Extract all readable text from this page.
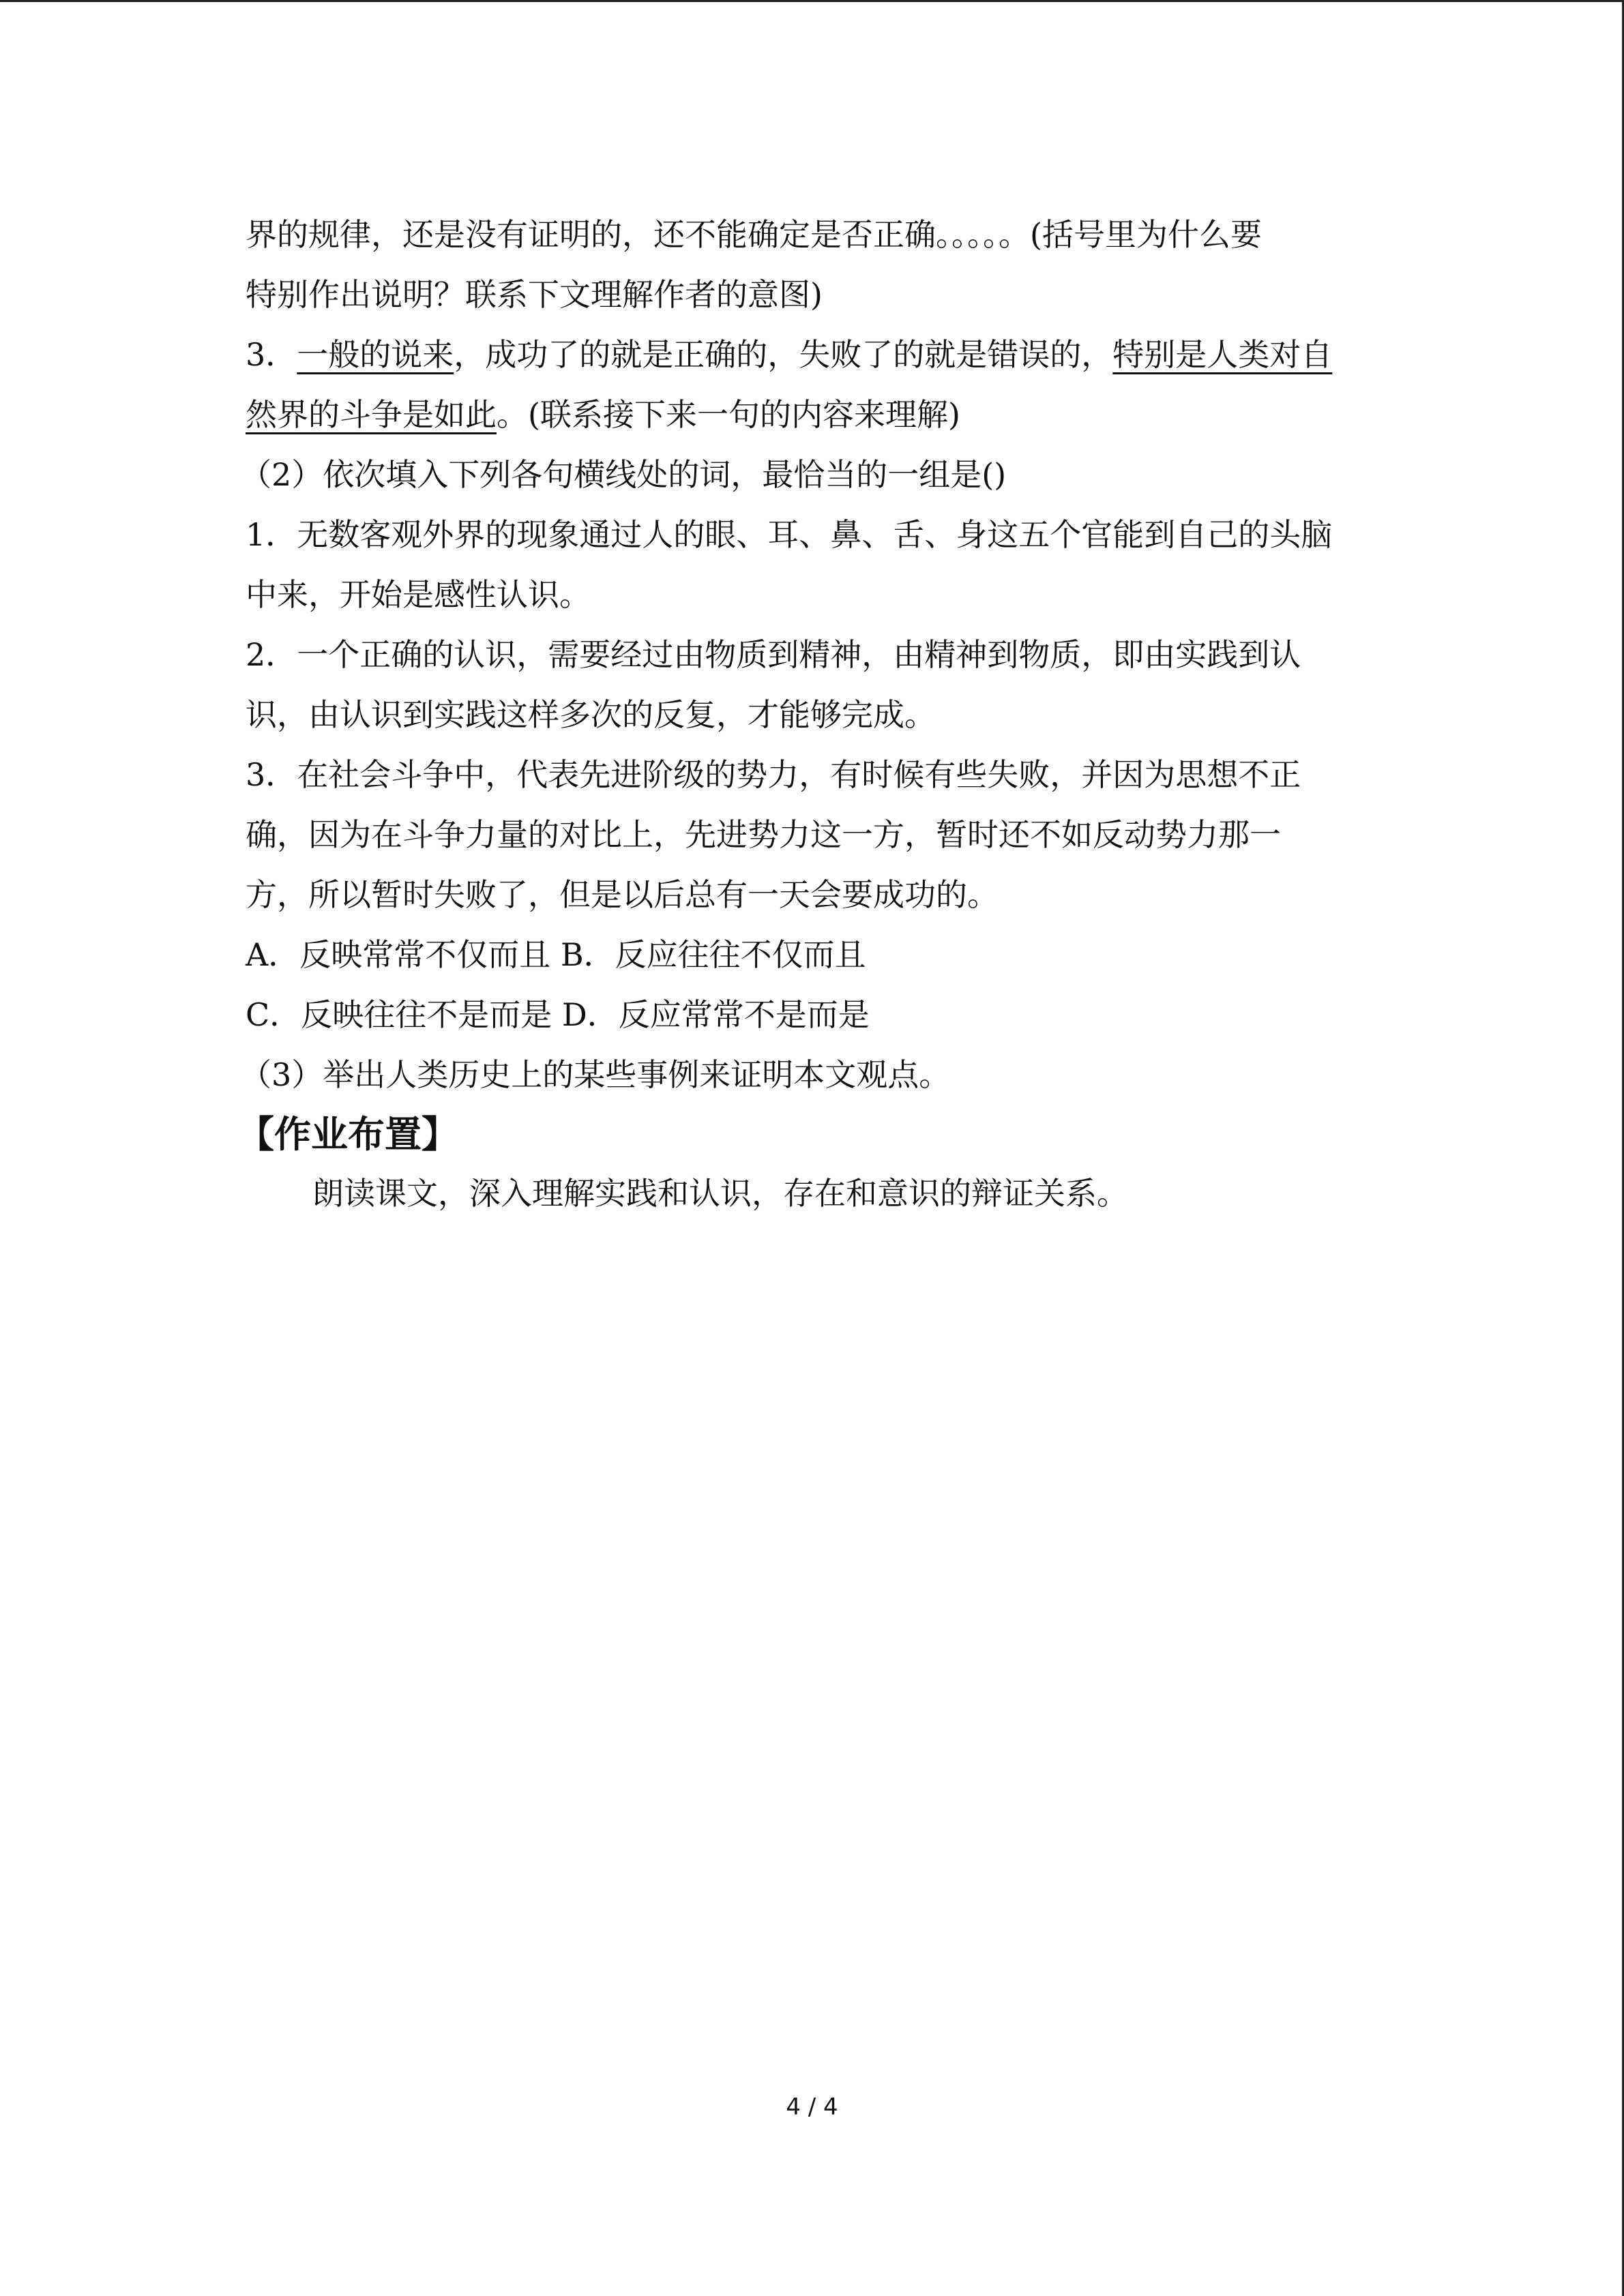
界的规律，还是没有证明的，还不能确定是否正确。。。。。(括号里为什么要
特别作出说明？联系下文理解作者的意图)
3．一般的说来，成功了的就是正确的，失败了的就是错误的，特别是人类对自
然界的斗争是如此。(联系接下来一句的内容来理解)
（2）依次填入下列各句横线处的词，最恰当的一组是()
1．无数客观外界的现象通过人的眼、耳、鼻、舌、身这五个官能到自己的头脑
中来，开始是感性认识。
2．一个正确的认识，需要经过由物质到精神，由精神到物质，即由实践到认
识，由认识到实践这样多次的反复，才能够完成。
3．在社会斗争中，代表先进阶级的势力，有时候有些失败，并因为思想不正
确，因为在斗争力量的对比上，先进势力这一方，暂时还不如反动势力那一
方，所以暂时失败了，但是以后总有一天会要成功的。
A．反映常常不仅而且 B．反应往往不仅而且
C．反映往往不是而是 D．反应常常不是而是
（3）举出人类历史上的某些事例来证明本文观点。
【作业布置】
朗读课文，深入理解实践和认识，存在和意识的辩证关系。
4 / 4
